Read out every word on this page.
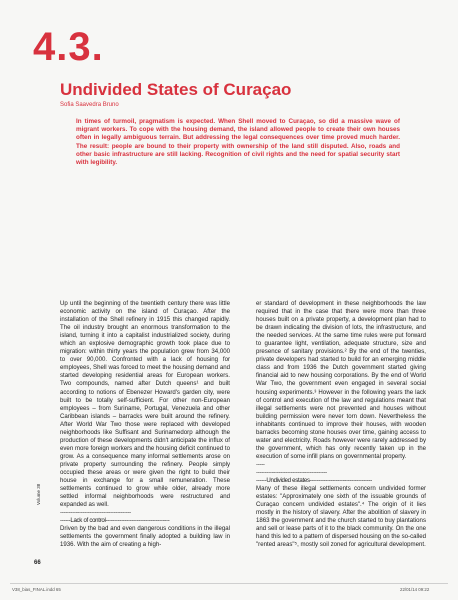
4.3.
Undivided States of Curaçao
Sofia Saavedra Bruno
In times of turmoil, pragmatism is expected. When Shell moved to Curaçao, so did a massive wave of migrant workers. To cope with the housing demand, the island allowed people to create their own houses often in legally ambiguous terrain. But addressing the legal consequences over time proved much harder. The result: people are bound to their property with ownership of the land still disputed. Also, roads and other basic infrastructure are still lacking. Recognition of civil rights and the need for spatial security start with legibility.

Up until the beginning of the twentieth century there was little economic activity on the island of Curaçao. After the installation of the Shell refinery in 1915 this changed rapidly. The oil industry brought an enormous transformation to the island, turning it into a capitalist industrialized society, during which an explosive demographic growth took place due to migration: within thirty years the population grew from 34,000 to over 90,000. Confronted with a lack of housing for employees, Shell was forced to meet the housing demand and started developing residential areas for European workers. Two compounds, named after Dutch queens¹ and built according to notions of Ebenezer Howard's garden city, were built to be totally self-sufficient. For other non-European employees – from Suriname, Portugal, Venezuela and other Caribbean islands – barracks were built around the refinery. After World War Two those were replaced with developed neighborhoods like Suffisant and Surinamedorp although the production of these developments didn't anticipate the influx of even more foreign workers and the housing deficit continued to grow. As a consequence many informal settlements arose on private property surrounding the refinery. People simply occupied these areas or were given the right to build their house in exchange for a small remuneration. These settlements continued to grow while older, already more settled informal neighborhoods were restructured and expanded as well.

-----------------------------------------

------Lack of control-------------------------------------

Driven by the bad and even dangerous conditions in the illegal settlements the government finally adopted a building law in 1936. With the aim of creating a high-

er standard of development in these neighborhoods the law required that in the case that there were more than three houses built on a private property, a development plan had to be drawn indicating the division of lots, the infrastructure, and the needed services. At the same time rules were put forward to guarantee light, ventilation, adequate structure, size and presence of sanitary provisions.² By the end of the twenties, private developers had started to build for an emerging middle class and from 1936 the Dutch government started giving financial aid to new housing corporations. By the end of World War Two, the government even engaged in several social housing experiments.³ However in the following years the lack of control and execution of the law and regulations meant that illegal settlements were not prevented and houses without building permission were never torn down. Nevertheless the inhabitants continued to improve their houses, with wooden barracks becoming stone houses over time, gaining access to water and electricity. Roads however were rarely addressed by the government, which has only recently taken up in the execution of some infill plans on governmental property.

-----

-----------------------------------------

------Undivided estates------------------------------------

Many of these illegal settlements concern undivided former estates: "Approximately one sixth of the issuable grounds of Curaçao concern undivided estates".⁴ The origin of it lies mostly in the history of slavery. After the abolition of slavery in 1863 the government and the church started to buy plantations and sell or lease parts of it to the black community. On the one hand this led to a pattern of dispersed housing on the so-called "rented areas"⁵, mostly soil zoned for agricultural development.

Volume 38
66
V38_bias_FINAL.indd 65	22/01/14 09:22
